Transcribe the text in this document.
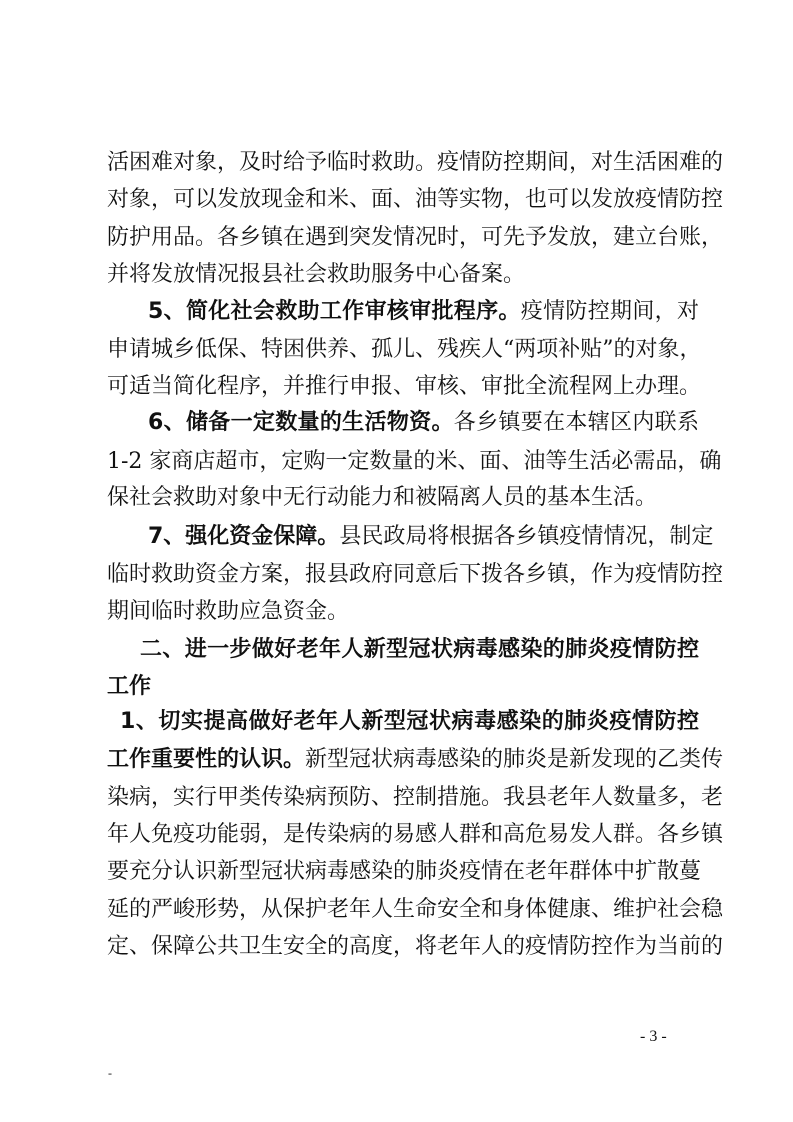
活困难对象，及时给予临时救助。疫情防控期间，对生活困难的
对象，可以发放现金和米、面、油等实物，也可以发放疫情防控
防护用品。各乡镇在遇到突发情况时，可先予发放，建立台账，
并将发放情况报县社会救助服务中心备案。
5、简化社会救助工作审核审批程序。疫情防控期间，对
申请城乡低保、特困供养、孤儿、残疾人“两项补贴”的对象，
可适当简化程序，并推行申报、审核、审批全流程网上办理。
6、储备一定数量的生活物资。各乡镇要在本辖区内联系
1-2 家商店超市，定购一定数量的米、面、油等生活必需品，确
保社会救助对象中无行动能力和被隔离人员的基本生活。
7、强化资金保障。县民政局将根据各乡镇疫情情况，制定
临时救助资金方案，报县政府同意后下拨各乡镇，作为疫情防控
期间临时救助应急资金。
二、进一步做好老年人新型冠状病毒感染的肺炎疫情防控
工作
1、切实提高做好老年人新型冠状病毒感染的肺炎疫情防控
工作重要性的认识。新型冠状病毒感染的肺炎是新发现的乙类传
染病，实行甲类传染病预防、控制措施。我县老年人数量多，老
年人免疫功能弱，是传染病的易感人群和高危易发人群。各乡镇
要充分认识新型冠状病毒感染的肺炎疫情在老年群体中扩散蔓
延的严峻形势，从保护老年人生命安全和身体健康、维护社会稳
定、保障公共卫生安全的高度，将老年人的疫情防控作为当前的
- 3 -
-
